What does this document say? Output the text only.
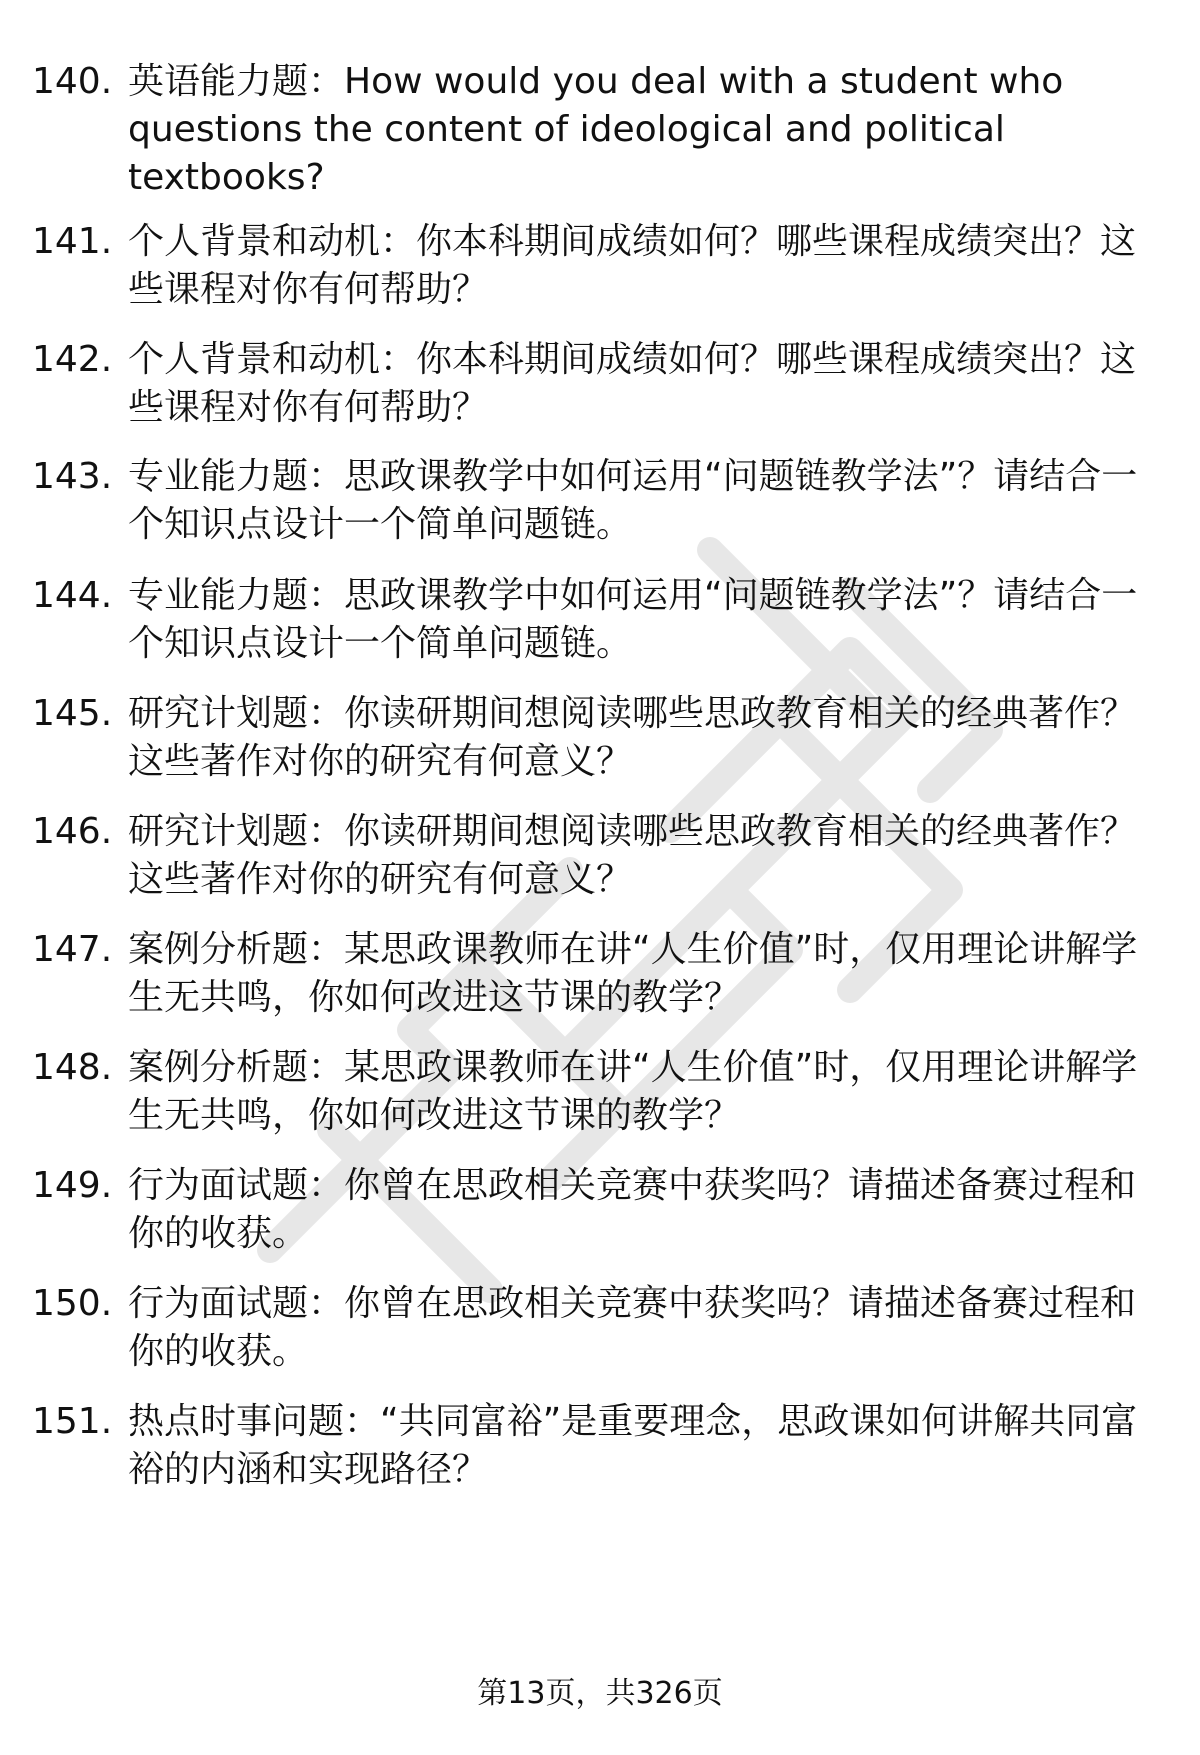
140. 英语能力题：How would you deal with a student who questions the content of ideological and political textbooks?
141. 个人背景和动机：你本科期间成绩如何？哪些课程成绩突出？这些课程对你有何帮助？
142. 个人背景和动机：你本科期间成绩如何？哪些课程成绩突出？这些课程对你有何帮助？
143. 专业能力题：思政课教学中如何运用“问题链教学法”？请结合一个知识点设计一个简单问题链。
144. 专业能力题：思政课教学中如何运用“问题链教学法”？请结合一个知识点设计一个简单问题链。
145. 研究计划题：你读研期间想阅读哪些思政教育相关的经典著作？这些著作对你的研究有何意义？
146. 研究计划题：你读研期间想阅读哪些思政教育相关的经典著作？这些著作对你的研究有何意义？
147. 案例分析题：某思政课教师在讲“人生价值”时，仅用理论讲解学生无共鸣，你如何改进这节课的教学？
148. 案例分析题：某思政课教师在讲“人生价值”时，仅用理论讲解学生无共鸣，你如何改进这节课的教学？
149. 行为面试题：你曾在思政相关竞赛中获奖吗？请描述备赛过程和你的收获。
150. 行为面试题：你曾在思政相关竞赛中获奖吗？请描述备赛过程和你的收获。
151. 热点时事问题：“共同富裕”是重要理念，思政课如何讲解共同富裕的内涵和实现路径？
第13页，共326页
